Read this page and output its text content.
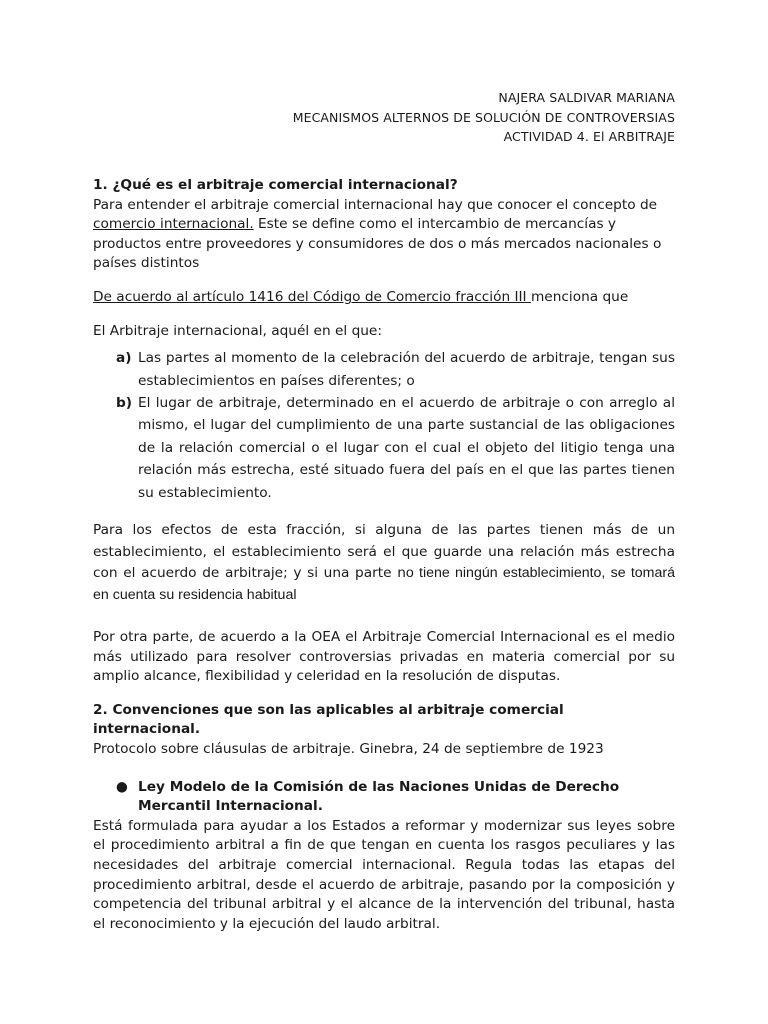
NAJERA SALDIVAR MARIANA
MECANISMOS ALTERNOS DE SOLUCIÓN DE CONTROVERSIAS
ACTIVIDAD 4. El ARBITRAJE

1. ¿Qué es el arbitraje comercial internacional?

Para entender el arbitraje comercial internacional hay que conocer el concepto de comercio internacional. Este se define como el intercambio de mercancías y productos entre proveedores y consumidores de dos o más mercados nacionales o países distintos

De acuerdo al artículo 1416 del Código de Comercio fracción III menciona que

El Arbitraje internacional, aquél en el que:

a) Las partes al momento de la celebración del acuerdo de arbitraje, tengan sus establecimientos en países diferentes; o
b) El lugar de arbitraje, determinado en el acuerdo de arbitraje o con arreglo al mismo, el lugar del cumplimiento de una parte sustancial de las obligaciones de la relación comercial o el lugar con el cual el objeto del litigio tenga una relación más estrecha, esté situado fuera del país en el que las partes tienen su establecimiento.

Para los efectos de esta fracción, si alguna de las partes tienen más de un establecimiento, el establecimiento será el que guarde una relación más estrecha con el acuerdo de arbitraje; y si una parte no tiene ningún establecimiento, se tomará en cuenta su residencia habitual

Por otra parte, de acuerdo a la OEA el Arbitraje Comercial Internacional es el medio más utilizado para resolver controversias privadas en materia comercial por su amplio alcance, flexibilidad y celeridad en la resolución de disputas.

2. Convenciones que son las aplicables al arbitraje comercial internacional.

Protocolo sobre cláusulas de arbitraje. Ginebra, 24 de septiembre de 1923

● Ley Modelo de la Comisión de las Naciones Unidas de Derecho Mercantil Internacional.

Está formulada para ayudar a los Estados a reformar y modernizar sus leyes sobre el procedimiento arbitral a fin de que tengan en cuenta los rasgos peculiares y las necesidades del arbitraje comercial internacional. Regula todas las etapas del procedimiento arbitral, desde el acuerdo de arbitraje, pasando por la composición y competencia del tribunal arbitral y el alcance de la intervención del tribunal, hasta el reconocimiento y la ejecución del laudo arbitral.
